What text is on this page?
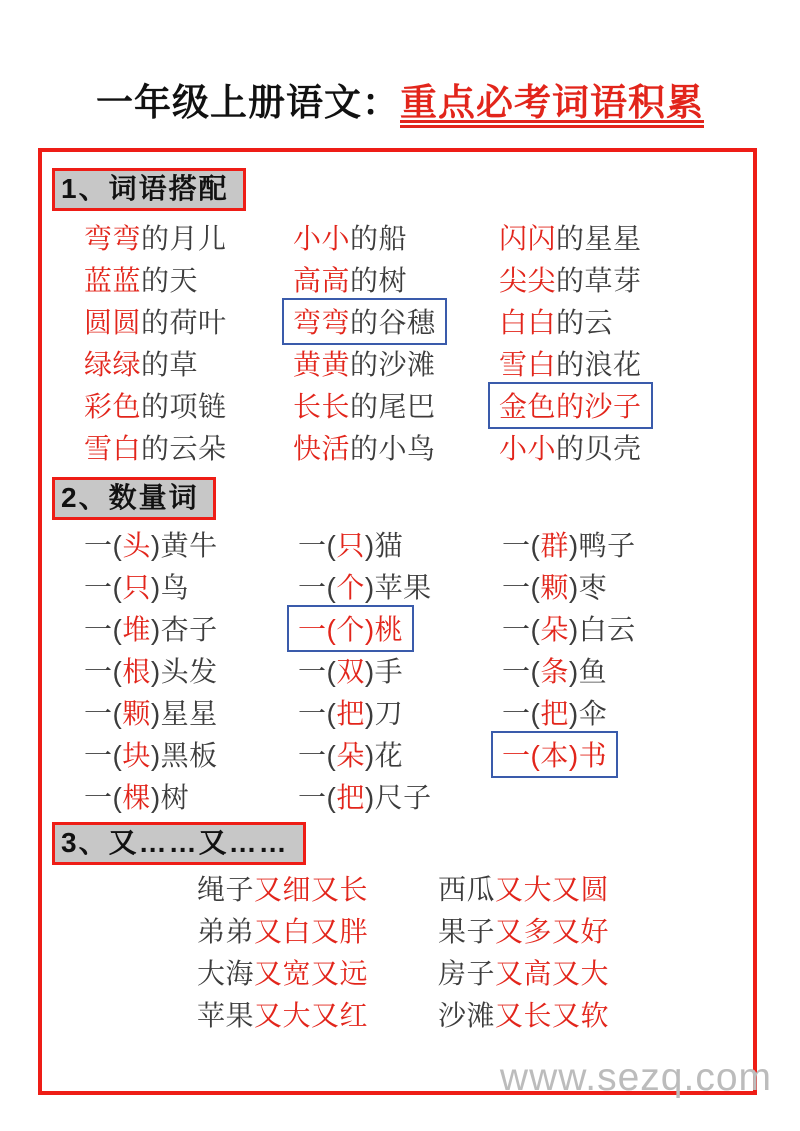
一年级上册语文：重点必考词语积累
1、词语搭配
弯弯的月儿 小小的船	闪闪的星星
蓝蓝的天	高高的树	尖尖的草芽
圆圆的荷叶	弯弯的谷穗	白白的云
绿绿的草	黄黄的沙滩 雪白的浪花
彩色的项链 长长的尾巴	金色的沙子
雪白的云朵 快活的小鸟 小小的贝壳
2、数量词
一(头)黄牛	一(只)猫	一(群)鸭子
一(只)鸟	一(个)苹果	一(颗)枣
一(堆)杏子	一(个)桃	一(朵)白云
一(根)头发	一(双)手	一(条)鱼
一(颗)星星	一(把)刀	一(把)伞
一(块)黑板	一(朵)花	一(本)书
一(棵)树	一(把)尺子
3、又……又……
绳子又细又长 西瓜又大又圆
弟弟又白又胖 果子又多又好
大海又宽又远 房子又高又大
苹果又大又红 沙滩又长又软
www.sezq.com
